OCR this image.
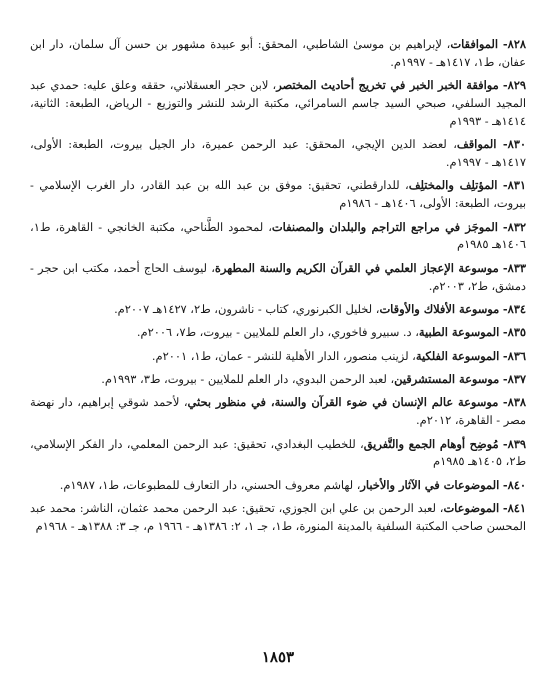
٨٢٨- الموافقات، لإبراهيم بن موسىٰ الشاطبي، المحقق: أبو عبيدة مشهور بن حسن آل سلمان، دار ابن عفان، ط١، ١٤١٧هـ - ١٩٩٧م.

٨٢٩- موافقة الخبر الخبر في تخريج أحاديث المختصر، لابن حجر العسقلاني، حققه وعلق عليه: حمدي عبد المجيد السلفي، صبحي السيد جاسم السامرائي، مكتبة الرشد للنشر والتوزيع - الرياض، الطبعة: الثانية، ١٤١٤هـ - ١٩٩٣م

٨٣٠- المواقف، لعضد الدين الإيجي، المحقق: عبد الرحمن عميرة، دار الجيل بيروت، الطبعة: الأولى، ١٤١٧هـ - ١٩٩٧م.

٨٣١- المؤتلِف والمختلِف، للدارقطني، تحقيق: موفق بن عبد الله بن عبد القادر، دار الغرب الإسلامي - بيروت، الطبعة: الأولى، ١٤٠٦هـ - ١٩٨٦م

٨٣٢- الموجَز في مراجع التراجم والبلدان والمصنفات، لمحمود الطَّناحي، مكتبة الخانجي - القاهرة، ط١، ١٤٠٦هـ ١٩٨٥م

٨٣٣- موسوعة الإعجاز العلمي في القرآن الكريم والسنة المطهرة، ليوسف الحاج أحمد، مكتب ابن حجر - دمشق، ط٢، ٢٠٠٣م.

٨٣٤- موسوعة الأفلاك والأوقات، لخليل الكبرنوري، كتاب - ناشرون، ط٢، ١٤٢٧هـ ٢٠٠٧م.

٨٣٥- الموسوعة الطبية، د. سبيرو فاخوري، دار العلم للملايين - بيروت، ط٧، ٢٠٠٦م.

٨٣٦- الموسوعة الفلكية، لزينب منصور، الدار الأهلية للنشر - عمان، ط١، ٢٠٠١م.

٨٣٧- موسوعة المستشرقين، لعبد الرحمن البدوي، دار العلم للملايين - بيروت، ط٣، ١٩٩٣م.

٨٣٨- موسوعة عالم الإنسان في ضوء القرآن والسنة، في منظور بحثي، لأحمد شوقي إبراهيم، دار نهضة مصر - القاهرة، ٢٠١٢م.

٨٣٩- مُوضِح أوهام الجمع والتَّفريق، للخطيب البغدادي، تحقيق: عبد الرحمن المعلمي، دار الفكر الإسلامي، ط٢، ١٤٠٥هـ ١٩٨٥م

٨٤٠- الموضوعات في الآثار والأخبار، لهاشم معروف الحسني، دار التعارف للمطبوعات، ط١، ١٩٨٧م.

٨٤١- الموضوعات، لعبد الرحمن بن علي ابن الجوزي، تحقيق: عبد الرحمن محمد عثمان، الناشر: محمد عبد المحسن صاحب المكتبة السلفية بالمدينة المنورة، ط١، جـ ١، ٢: ١٣٨٦هـ - ١٩٦٦ م، جـ ٣: ١٣٨٨هـ - ١٩٦٨م

١٨٥٣
